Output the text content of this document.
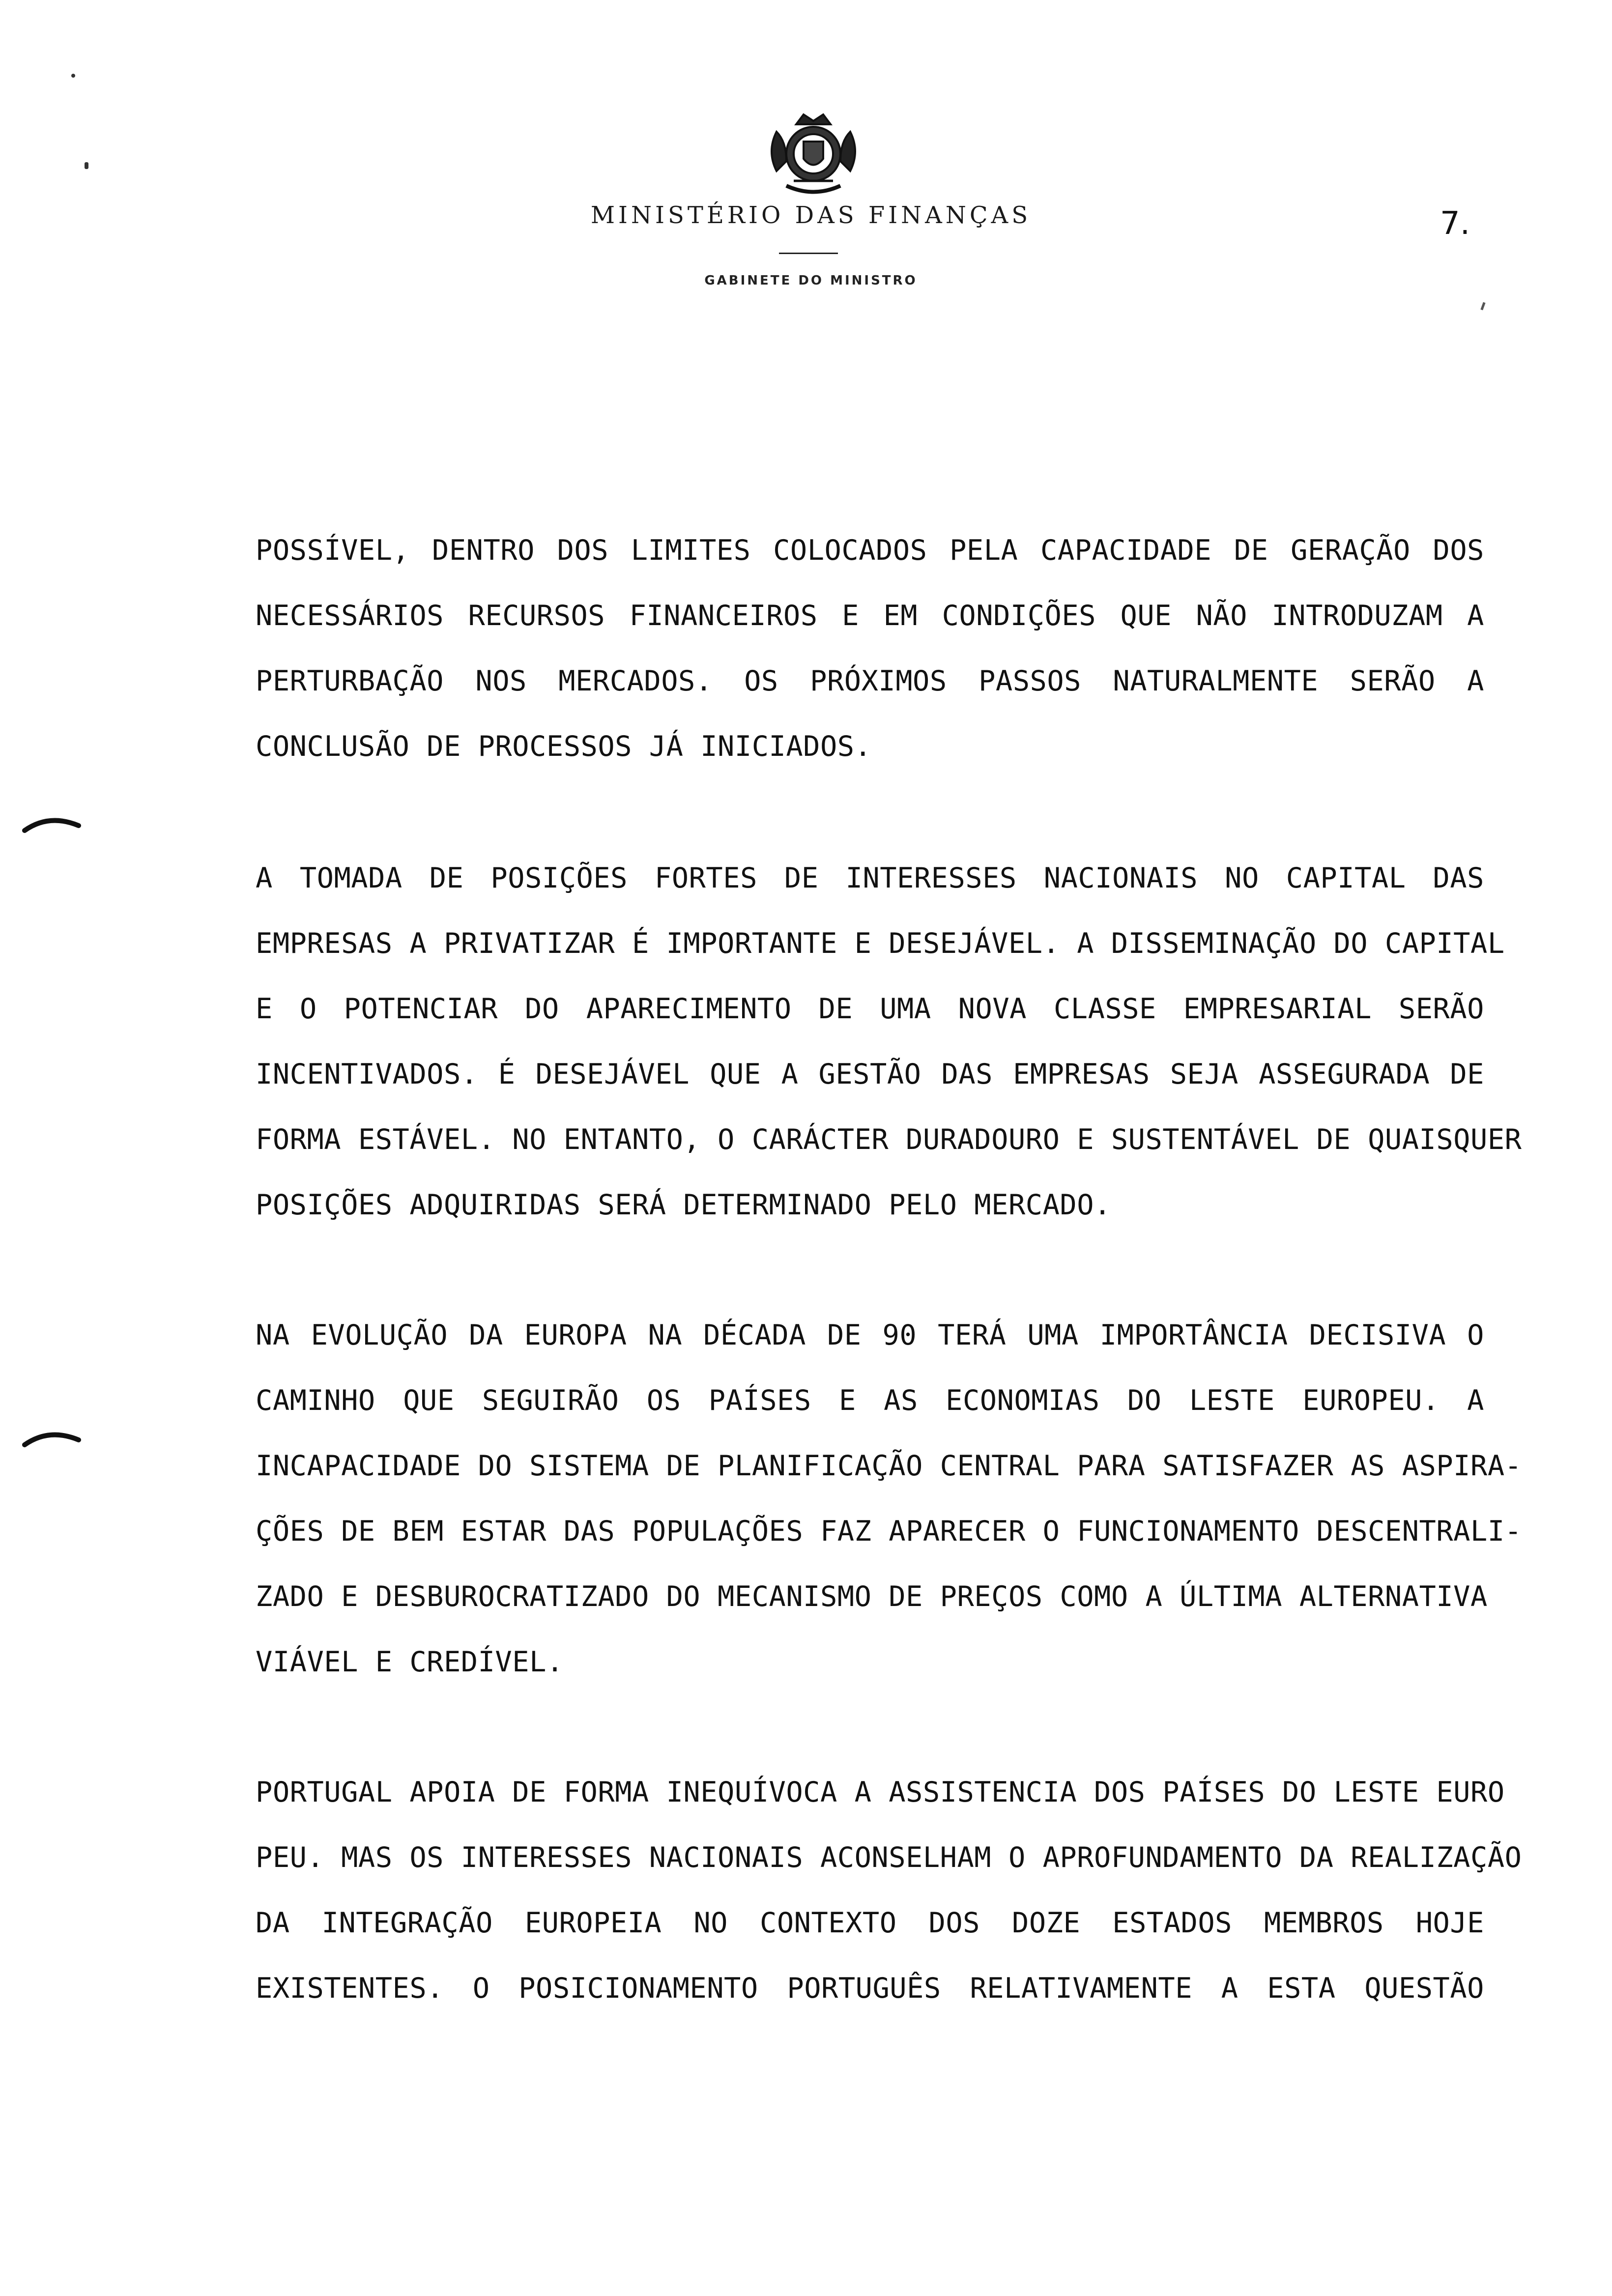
MINISTÉRIO DAS FINANÇAS
GABINETE DO MINISTRO
7.
POSSÍVEL, DENTRO DOS LIMITES COLOCADOS PELA CAPACIDADE DE GERAÇÃO DOS
NECESSÁRIOS RECURSOS FINANCEIROS E EM CONDIÇÕES QUE NÃO INTRODUZAM A
PERTURBAÇÃO NOS MERCADOS. OS PRÓXIMOS PASSOS NATURALMENTE SERÃO A
CONCLUSÃO DE PROCESSOS JÁ INICIADOS.
A TOMADA DE POSIÇÕES FORTES DE INTERESSES NACIONAIS NO CAPITAL DAS
EMPRESAS A PRIVATIZAR É IMPORTANTE E DESEJÁVEL. A DISSEMINAÇÃO DO CAPITAL
E O POTENCIAR DO APARECIMENTO DE UMA NOVA CLASSE EMPRESARIAL SERÃO
INCENTIVADOS. É DESEJÁVEL QUE A GESTÃO DAS EMPRESAS SEJA ASSEGURADA DE
FORMA ESTÁVEL. NO ENTANTO, O CARÁCTER DURADOURO E SUSTENTÁVEL DE QUAISQUER
POSIÇÕES ADQUIRIDAS SERÁ DETERMINADO PELO MERCADO.
NA EVOLUÇÃO DA EUROPA NA DÉCADA DE 90 TERÁ UMA IMPORTÂNCIA DECISIVA O
CAMINHO QUE SEGUIRÃO OS PAÍSES E AS ECONOMIAS DO LESTE EUROPEU. A
INCAPACIDADE DO SISTEMA DE PLANIFICAÇÃO CENTRAL PARA SATISFAZER AS ASPIRA-
ÇÕES DE BEM ESTAR DAS POPULAÇÕES FAZ APARECER O FUNCIONAMENTO DESCENTRALI-
ZADO E DESBUROCRATIZADO DO MECANISMO DE PREÇOS COMO A ÚLTIMA ALTERNATIVA
VIÁVEL E CREDÍVEL.
PORTUGAL APOIA DE FORMA INEQUÍVOCA A ASSISTENCIA DOS PAÍSES DO LESTE EURO
PEU. MAS OS INTERESSES NACIONAIS ACONSELHAM O APROFUNDAMENTO DA REALIZAÇÃO
DA INTEGRAÇÃO EUROPEIA NO CONTEXTO DOS DOZE ESTADOS MEMBROS HOJE
EXISTENTES. O POSICIONAMENTO PORTUGUÊS RELATIVAMENTE A ESTA QUESTÃO
